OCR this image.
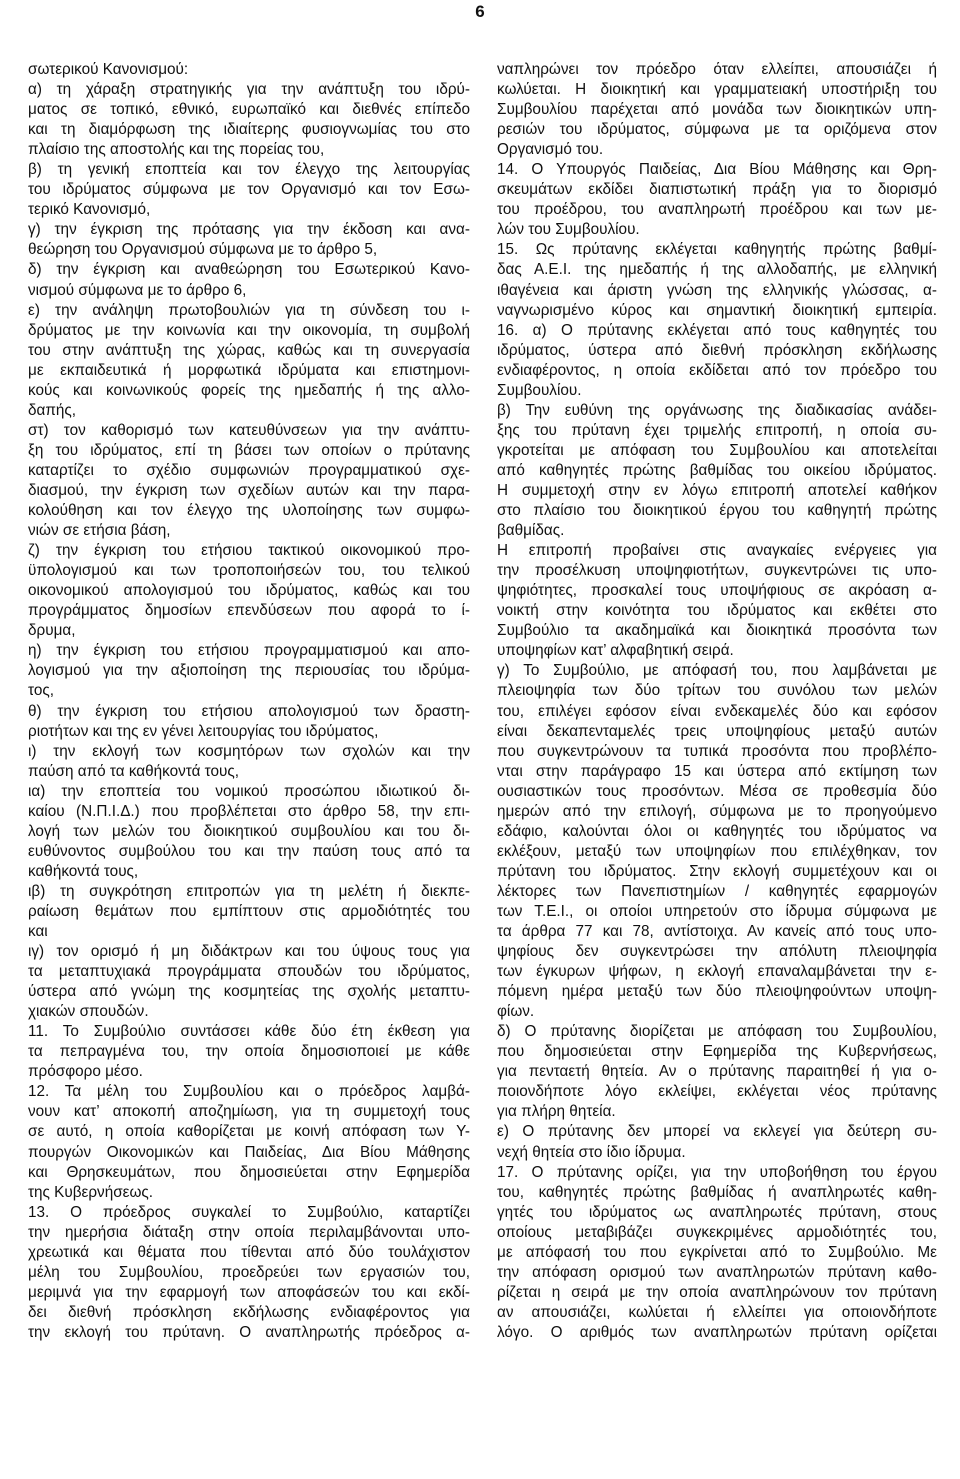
6
σωτερικού Κανονισμού:
α) τη χάραξη στρατηγικής για την ανάπτυξη του ιδρύ-
ματος σε τοπικό, εθνικό, ευρωπαϊκό και διεθνές επίπεδο
και τη διαμόρφωση της ιδιαίτερης φυσιογνωμίας του στο
πλαίσιο της αποστολής και της πορείας του,
β) τη γενική εποπτεία και τον έλεγχο της λειτουργίας
του ιδρύματος σύμφωνα με τον Οργανισμό και τον Εσω-
τερικό Κανονισμό,
γ) την έγκριση της πρότασης για την έκδοση και ανα-
θεώρηση του Οργανισμού σύμφωνα με το άρθρο 5,
δ) την έγκριση και αναθεώρηση του Εσωτερικού Κανο-
νισμού σύμφωνα με το άρθρο 6,
ε) την ανάληψη πρωτοβουλιών για τη σύνδεση του ι-
δρύματος με την κοινωνία και την οικονομία, τη συμβολή
του στην ανάπτυξη της χώρας, καθώς και τη συνεργασία
με εκπαιδευτικά ή μορφωτικά ιδρύματα και επιστημονι-
κούς και κοινωνικούς φορείς της ημεδαπής ή της αλλο-
δαπής,
στ) τον καθορισμό των κατευθύνσεων για την ανάπτυ-
ξη του ιδρύματος, επί τη βάσει των οποίων ο πρύτανης
καταρτίζει το σχέδιο συμφωνιών προγραμματικού σχε-
διασμού, την έγκριση των σχεδίων αυτών και την παρα-
κολούθηση και τον έλεγχο της υλοποίησης των συμφω-
νιών σε ετήσια βάση,
ζ) την έγκριση του ετήσιου τακτικού οικονομικού προ-
ϋπολογισμού και των τροποποιήσεών του, του τελικού
οικονομικού απολογισμού του ιδρύματος, καθώς και του
προγράμματος δημοσίων επενδύσεων που αφορά το ί-
δρυμα,
η) την έγκριση του ετήσιου προγραμματισμού και απο-
λογισμού για την αξιοποίηση της περιουσίας του ιδρύμα-
τος,
θ) την έγκριση του ετήσιου απολογισμού των δραστη-
ριοτήτων και της εν γένει λειτουργίας του ιδρύματος,
ι) την εκλογή των κοσμητόρων των σχολών και την
παύση από τα καθήκοντά τους,
ια) την εποπτεία του νομικού προσώπου ιδιωτικού δι-
καίου (Ν.Π.Ι.Δ.) που προβλέπεται στο άρθρο 58, την επι-
λογή των μελών του διοικητικού συμβουλίου και του δι-
ευθύνοντος συμβούλου του και την παύση τους από τα
καθήκοντά τους,
ιβ) τη συγκρότηση επιτροπών για τη μελέτη ή διεκπε-
ραίωση θεμάτων που εμπίπτουν στις αρμοδιότητές του
και
ιγ) τον ορισμό ή μη διδάκτρων και του ύψους τους για
τα μεταπτυχιακά προγράμματα σπουδών του ιδρύματος,
ύστερα από γνώμη της κοσμητείας της σχολής μεταπτυ-
χιακών σπουδών.
11. Το Συμβούλιο συντάσσει κάθε δύο έτη έκθεση για
τα πεπραγμένα του, την οποία δημοσιοποιεί με κάθε
πρόσφορο μέσο.
12. Τα μέλη του Συμβουλίου και ο πρόεδρος λαμβά-
νουν κατ’ αποκοπή αποζημίωση, για τη συμμετοχή τους
σε αυτό, η οποία καθορίζεται με κοινή απόφαση των Υ-
πουργών Οικονομικών και Παιδείας, Δια Βίου Μάθησης
και Θρησκευμάτων, που δημοσιεύεται στην Εφημερίδα
της Κυβερνήσεως.
13. Ο πρόεδρος συγκαλεί το Συμβούλιο, καταρτίζει
την ημερήσια διάταξη στην οποία περιλαμβάνονται υπο-
χρεωτικά και θέματα που τίθενται από δύο τουλάχιστον
μέλη του Συμβουλίου, προεδρεύει των εργασιών του,
μεριμνά για την εφαρμογή των αποφάσεών του και εκδί-
δει διεθνή πρόσκληση εκδήλωσης ενδιαφέροντος για
την εκλογή του πρύτανη. Ο αναπληρωτής πρόεδρος α-
ναπληρώνει τον πρόεδρο όταν ελλείπει, απουσιάζει ή
κωλύεται. Η διοικητική και γραμματειακή υποστήριξη του
Συμβουλίου παρέχεται από μονάδα των διοικητικών υπη-
ρεσιών του ιδρύματος, σύμφωνα με τα οριζόμενα στον
Οργανισμό του.
14. Ο Υπουργός Παιδείας, Δια Βίου Μάθησης και Θρη-
σκευμάτων εκδίδει διαπιστωτική πράξη για το διορισμό
του προέδρου, του αναπληρωτή προέδρου και των με-
λών του Συμβουλίου.
15. Ως πρύτανης εκλέγεται καθηγητής πρώτης βαθμί-
δας Α.Ε.Ι. της ημεδαπής ή της αλλοδαπής, με ελληνική
ιθαγένεια και άριστη γνώση της ελληνικής γλώσσας, α-
ναγνωρισμένο κύρος και σημαντική διοικητική εμπειρία.
16. α) Ο πρύτανης εκλέγεται από τους καθηγητές του
ιδρύματος, ύστερα από διεθνή πρόσκληση εκδήλωσης
ενδιαφέροντος, η οποία εκδίδεται από τον πρόεδρο του
Συμβουλίου.
β) Την ευθύνη της οργάνωσης της διαδικασίας ανάδει-
ξης του πρύτανη έχει τριμελής επιτροπή, η οποία συ-
γκροτείται με απόφαση του Συμβουλίου και αποτελείται
από καθηγητές πρώτης βαθμίδας του οικείου ιδρύματος.
Η συμμετοχή στην εν λόγω επιτροπή αποτελεί καθήκον
στο πλαίσιο του διοικητικού έργου του καθηγητή πρώτης
βαθμίδας.
Η επιτροπή προβαίνει στις αναγκαίες ενέργειες για
την προσέλκυση υποψηφιοτήτων, συγκεντρώνει τις υπο-
ψηφιότητες, προσκαλεί τους υποψήφιους σε ακρόαση α-
νοικτή στην κοινότητα του ιδρύματος και εκθέτει στο
Συμβούλιο τα ακαδημαϊκά και διοικητικά προσόντα των
υποψηφίων κατ’ αλφαβητική σειρά.
γ) Το Συμβούλιο, με απόφασή του, που λαμβάνεται με
πλειοψηφία των δύο τρίτων του συνόλου των μελών
του, επιλέγει εφόσον είναι ενδεκαμελές δύο και εφόσον
είναι δεκαπενταμελές τρεις υποψηφίους μεταξύ αυτών
που συγκεντρώνουν τα τυπικά προσόντα που προβλέπο-
νται στην παράγραφο 15 και ύστερα από εκτίμηση των
ουσιαστικών τους προσόντων. Μέσα σε προθεσμία δύο
ημερών από την επιλογή, σύμφωνα με το προηγούμενο
εδάφιο, καλούνται όλοι οι καθηγητές του ιδρύματος να
εκλέξουν, μεταξύ των υποψηφίων που επιλέχθηκαν, τον
πρύτανη του ιδρύματος. Στην εκλογή συμμετέχουν και οι
λέκτορες των Πανεπιστημίων / καθηγητές εφαρμογών
των Τ.Ε.Ι., οι οποίοι υπηρετούν στο ίδρυμα σύμφωνα με
τα άρθρα 77 και 78, αντίστοιχα. Αν κανείς από τους υπο-
ψηφίους δεν συγκεντρώσει την απόλυτη πλειοψηφία
των έγκυρων ψήφων, η εκλογή επαναλαμβάνεται την ε-
πόμενη ημέρα μεταξύ των δύο πλειοψηφούντων υποψη-
φίων.
δ) Ο πρύτανης διορίζεται με απόφαση του Συμβουλίου,
που δημοσιεύεται στην Εφημερίδα της Κυβερνήσεως,
για πενταετή θητεία. Αν ο πρύτανης παραιτηθεί ή για ο-
ποιονδήποτε λόγο εκλείψει, εκλέγεται νέος πρύτανης
για πλήρη θητεία.
ε) Ο πρύτανης δεν μπορεί να εκλεγεί για δεύτερη συ-
νεχή θητεία στο ίδιο ίδρυμα.
17. Ο πρύτανης ορίζει, για την υποβοήθηση του έργου
του, καθηγητές πρώτης βαθμίδας ή αναπληρωτές καθη-
γητές του ιδρύματος ως αναπληρωτές πρύτανη, στους
οποίους μεταβιβάζει συγκεκριμένες αρμοδιότητές του,
με απόφασή του που εγκρίνεται από το Συμβούλιο. Με
την απόφαση ορισμού των αναπληρωτών πρύτανη καθο-
ρίζεται η σειρά με την οποία αναπληρώνουν τον πρύτανη
αν απουσιάζει, κωλύεται ή ελλείπει για οποιονδήποτε
λόγο. Ο αριθμός των αναπληρωτών πρύτανη ορίζεται
